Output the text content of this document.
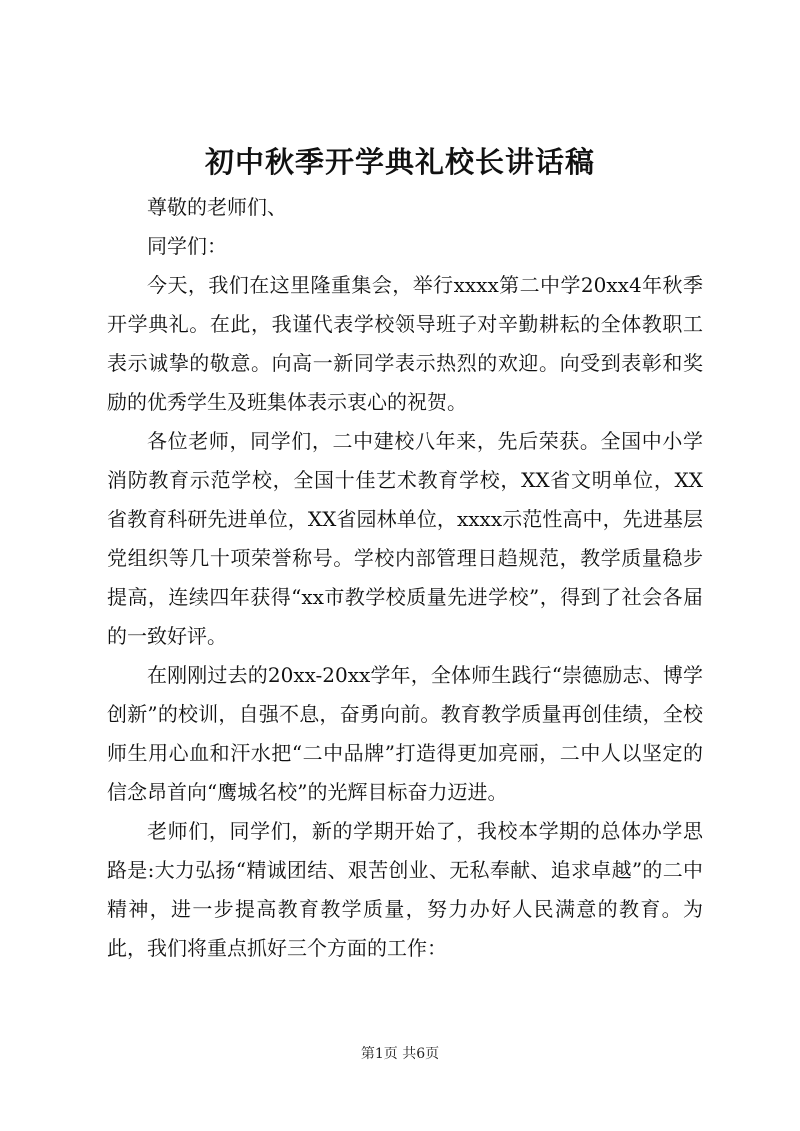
初中秋季开学典礼校长讲话稿

尊敬的老师们、

同学们：

今天，我们在这里隆重集会，举行xxxx第二中学20xx4年秋季开学典礼。在此，我谨代表学校领导班子对辛勤耕耘的全体教职工表示诚挚的敬意。向高一新同学表示热烈的欢迎。向受到表彰和奖励的优秀学生及班集体表示衷心的祝贺。

各位老师，同学们，二中建校八年来，先后荣获。全国中小学消防教育示范学校，全国十佳艺术教育学校，XX省文明单位，XX省教育科研先进单位，XX省园林单位，xxxx示范性高中，先进基层党组织等几十项荣誉称号。学校内部管理日趋规范，教学质量稳步提高，连续四年获得“xx市教学校质量先进学校”，得到了社会各届的一致好评。

在刚刚过去的20xx-20xx学年，全体师生践行“崇德励志、博学创新”的校训，自强不息，奋勇向前。教育教学质量再创佳绩，全校师生用心血和汗水把“二中品牌”打造得更加亮丽，二中人以坚定的信念昂首向“鹰城名校”的光辉目标奋力迈进。

老师们，同学们，新的学期开始了，我校本学期的总体办学思路是:大力弘扬“精诚团结、艰苦创业、无私奉献、追求卓越”的二中精神，进一步提高教育教学质量，努力办好人民满意的教育。为此，我们将重点抓好三个方面的工作：

第1页 共6页
